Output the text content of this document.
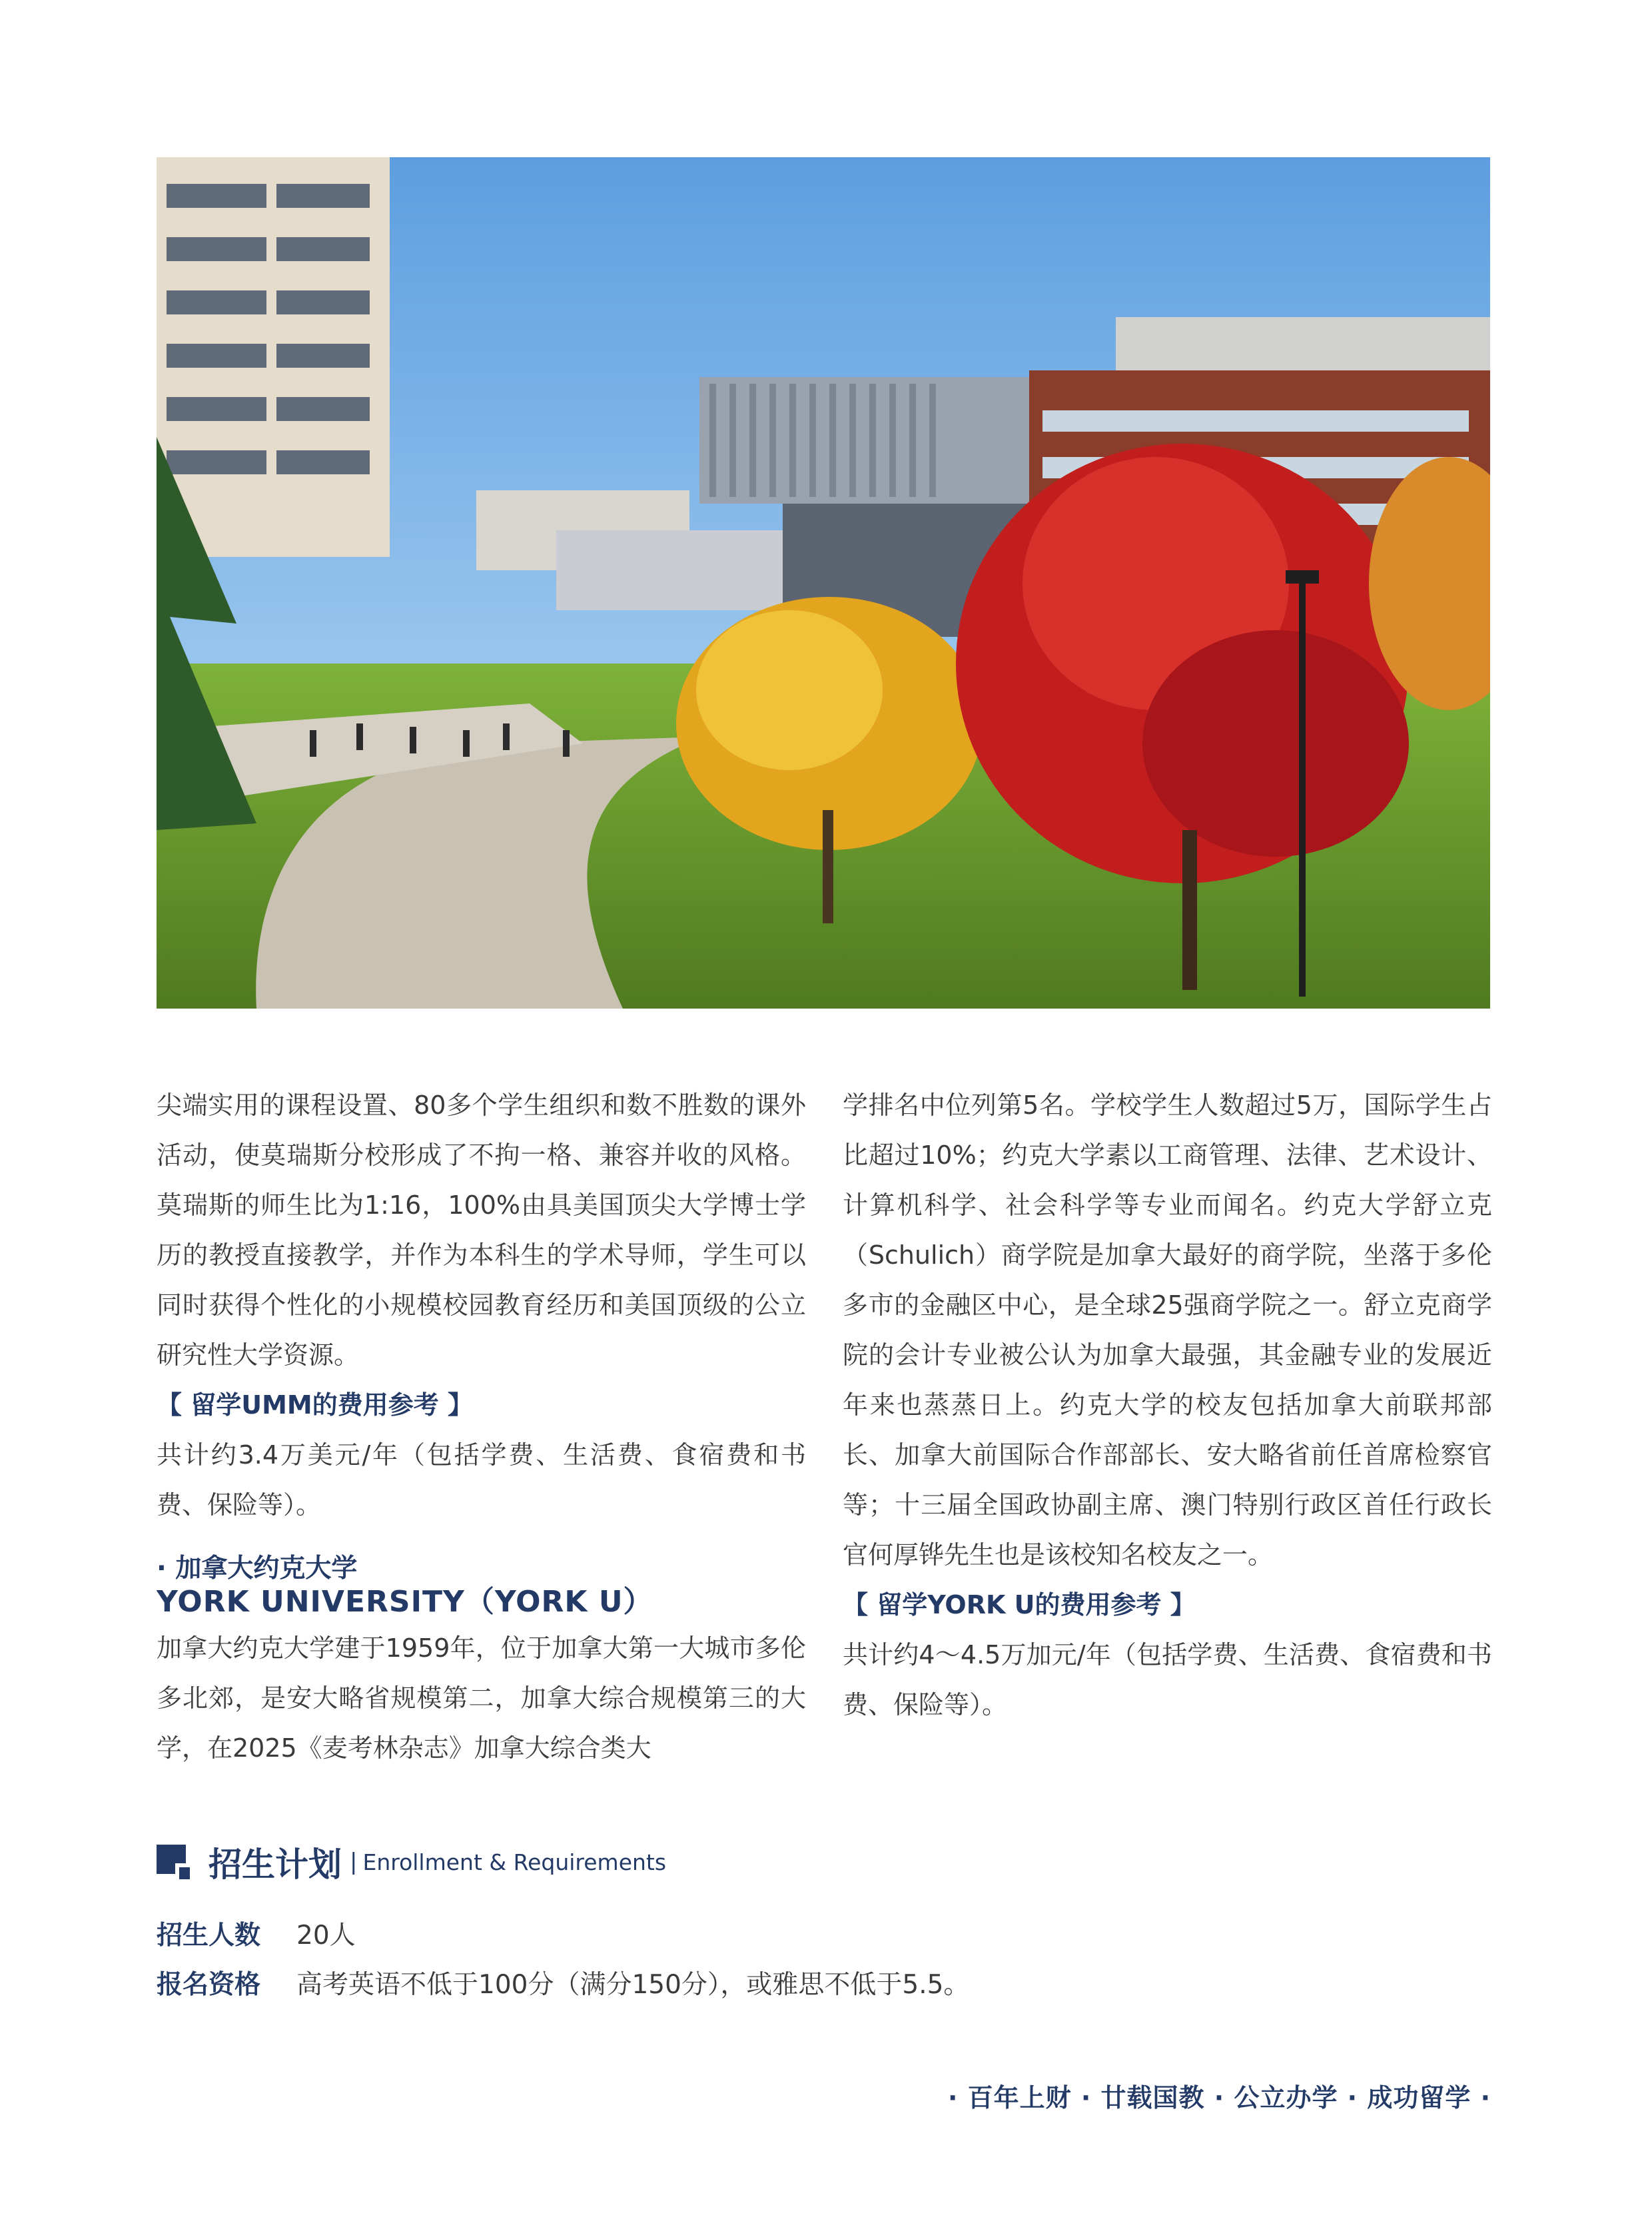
尖端实用的课程设置、80多个学生组织和数不胜数的课外活动，使莫瑞斯分校形成了不拘一格、兼容并收的风格。莫瑞斯的师生比为1:16，100%由具美国顶尖大学博士学历的教授直接教学，并作为本科生的学术导师，学生可以同时获得个性化的小规模校园教育经历和美国顶级的公立研究性大学资源。

【 留学UMM的费用参考 】

共计约3.4万美元/年（包括学费、生活费、食宿费和书费、保险等）。

· 加拿大约克大学
YORK UNIVERSITY（YORK U）

加拿大约克大学建于1959年，位于加拿大第一大城市多伦多北郊，是安大略省规模第二，加拿大综合规模第三的大学，在2025《麦考林杂志》加拿大综合类大

学排名中位列第5名。学校学生人数超过5万，国际学生占比超过10%；约克大学素以工商管理、法律、艺术设计、计算机科学、社会科学等专业而闻名。约克大学舒立克（Schulich）商学院是加拿大最好的商学院，坐落于多伦多市的金融区中心，是全球25强商学院之一。舒立克商学院的会计专业被公认为加拿大最强，其金融专业的发展近年来也蒸蒸日上。约克大学的校友包括加拿大前联邦部长、加拿大前国际合作部部长、安大略省前任首席检察官等；十三届全国政协副主席、澳门特别行政区首任行政长官何厚铧先生也是该校知名校友之一。

【 留学YORK U的费用参考 】

共计约4～4.5万加元/年（包括学费、生活费、食宿费和书费、保险等）。

招生计划 | Enrollment & Requirements
招生人数	20人
报名资格	高考英语不低于100分（满分150分），或雅思不低于5.5。
· 百年上财 · 廿载国教 · 公立办学 · 成功留学 ·
